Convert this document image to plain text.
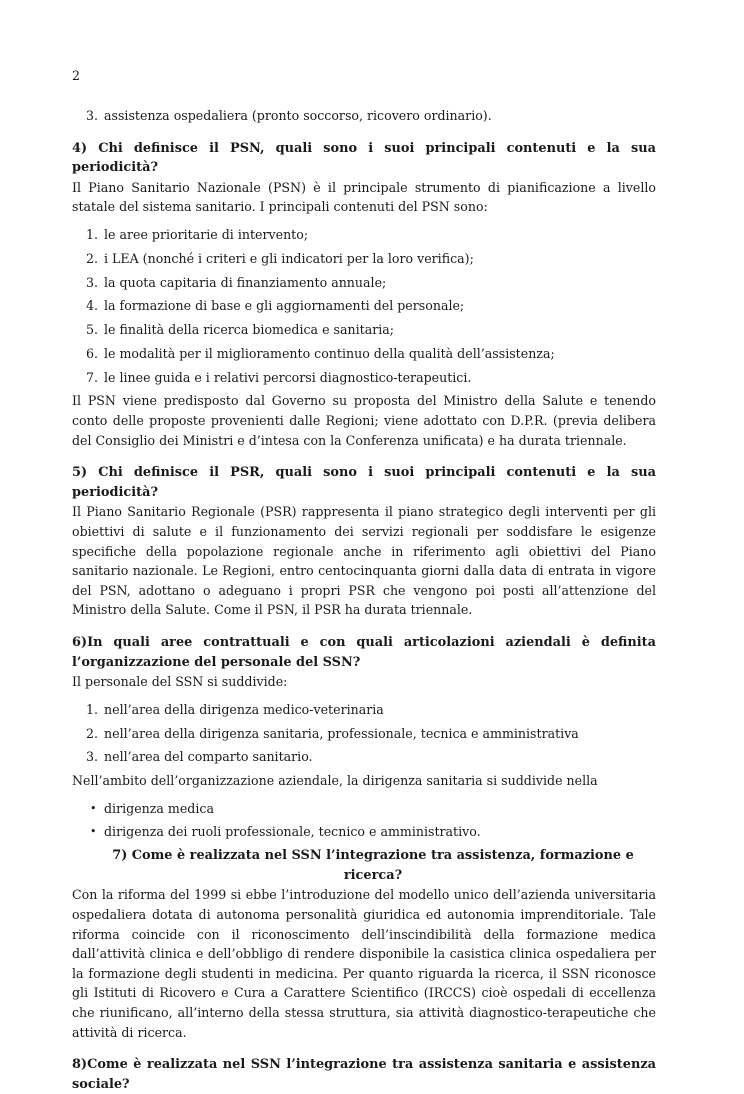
2
3. assistenza ospedaliera (pronto soccorso, ricovero ordinario).
4) Chi definisce il PSN, quali sono i suoi principali contenuti e la sua periodicità?

Il Piano Sanitario Nazionale (PSN) è il principale strumento di pianificazione a livello statale del sistema sanitario. I principali contenuti del PSN sono:

1. le aree prioritarie di intervento;
2. i LEA (nonché i criteri e gli indicatori per la loro verifica);
3. la quota capitaria di finanziamento annuale;
4. la formazione di base e gli aggiornamenti del personale;
5. le finalità della ricerca biomedica e sanitaria;
6. le modalità per il miglioramento continuo della qualità dell’assistenza;
7. le linee guida e i relativi percorsi diagnostico-terapeutici.

Il PSN viene predisposto dal Governo su proposta del Ministro della Salute e tenendo conto delle proposte provenienti dalle Regioni; viene adottato con D.P.R. (previa delibera del Consiglio dei Ministri e d’intesa con la Conferenza unificata) e ha durata triennale.

5) Chi definisce il PSR, quali sono i suoi principali contenuti e la sua periodicità?

Il Piano Sanitario Regionale (PSR) rappresenta il piano strategico degli interventi per gli obiettivi di salute e il funzionamento dei servizi regionali per soddisfare le esigenze specifiche della popolazione regionale anche in riferimento agli obiettivi del Piano sanitario nazionale. Le Regioni, entro centocinquanta giorni dalla data di entrata in vigore del PSN, adottano o adeguano i propri PSR che vengono poi posti all’attenzione del Ministro della Salute. Come il PSN, il PSR ha durata triennale.

6)In quali aree contrattuali e con quali articolazioni aziendali è definita l’organizzazione del personale del SSN?

Il personale del SSN si suddivide:

1. nell’area della dirigenza medico-veterinaria
2. nell’area della dirigenza sanitaria, professionale, tecnica e amministrativa
3. nell’area del comparto sanitario.

Nell’ambito dell’organizzazione aziendale, la dirigenza sanitaria si suddivide nella

• dirigenza medica
• dirigenza dei ruoli professionale, tecnico e amministrativo.
7) Come è realizzata nel SSN l’integrazione tra assistenza, formazione e ricerca?

Con la riforma del 1999 si ebbe l’introduzione del modello unico dell’azienda universitaria ospedaliera dotata di autonoma personalità giuridica ed autonomia imprenditoriale. Tale riforma coincide con il riconoscimento dell’inscindibilità della formazione medica dall’attività clinica e dell’obbligo di rendere disponibile la casistica clinica ospedaliera per la formazione degli studenti in medicina. Per quanto riguarda la ricerca, il SSN riconosce gli Istituti di Ricovero e Cura a Carattere Scientifico (IRCCS) cioè ospedali di eccellenza che riunificano, all’interno della stessa struttura, sia attività diagnostico-terapeutiche che attività di ricerca.

8)Come è realizzata nel SSN l’integrazione tra assistenza sanitaria e assistenza sociale?
